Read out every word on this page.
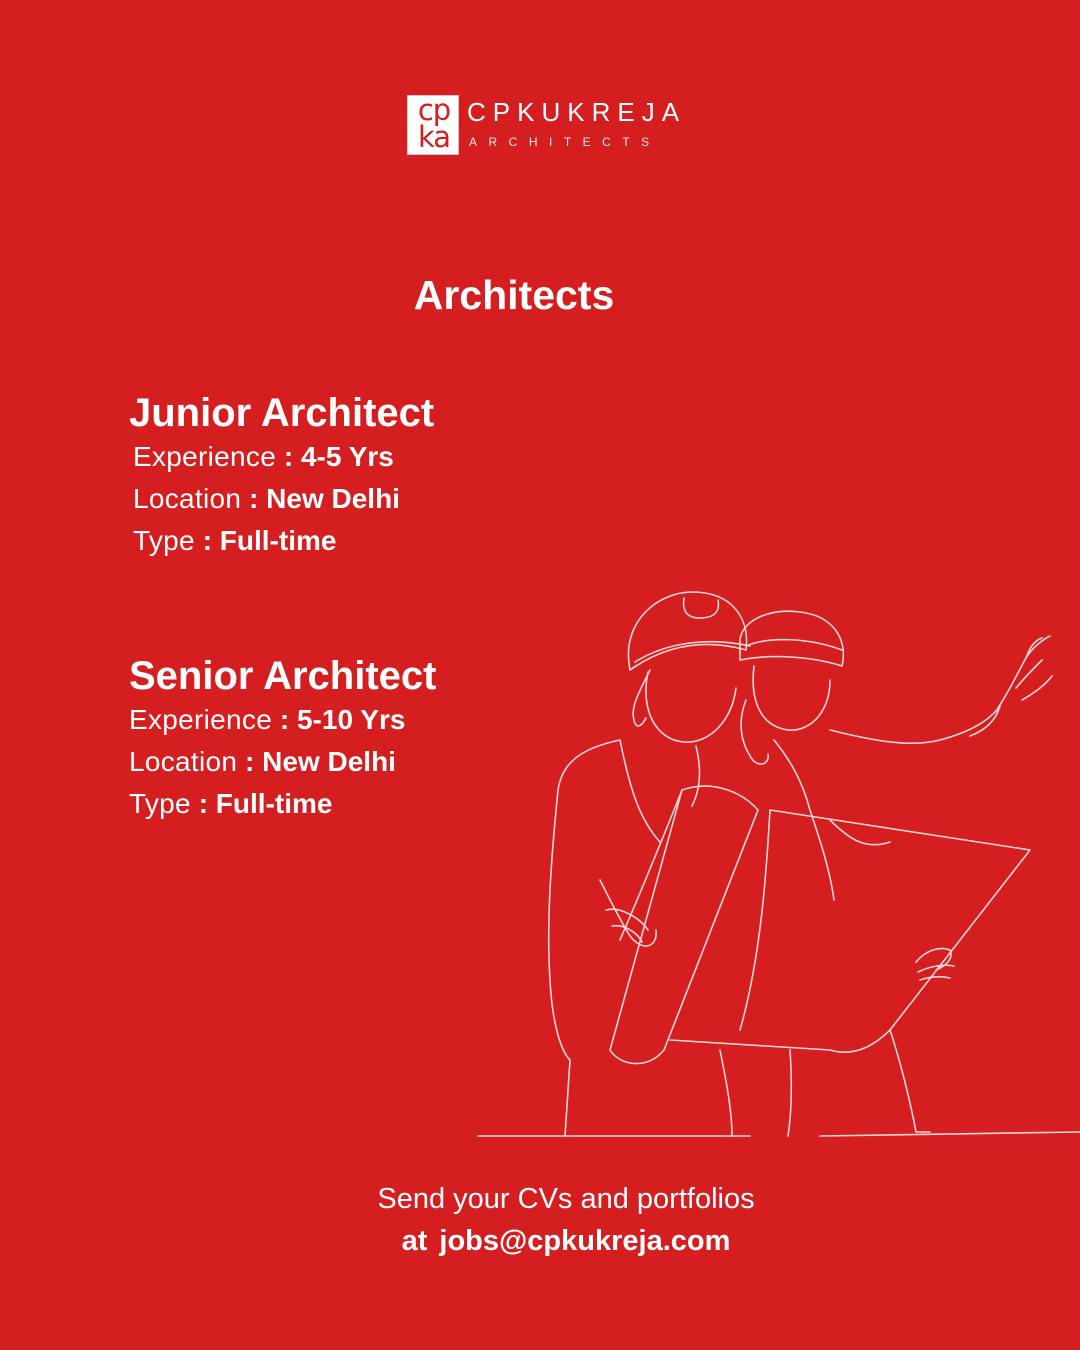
cp
ka
CPKUKREJA
ARCHITECTS
Architects
Junior Architect
Experience : 4-5 Yrs
Location : New Delhi
Type : Full-time
Senior Architect
Experience : 5-10 Yrs
Location : New Delhi
Type : Full-time
Send your CVs and portfolios
at jobs@cpkukreja.com
